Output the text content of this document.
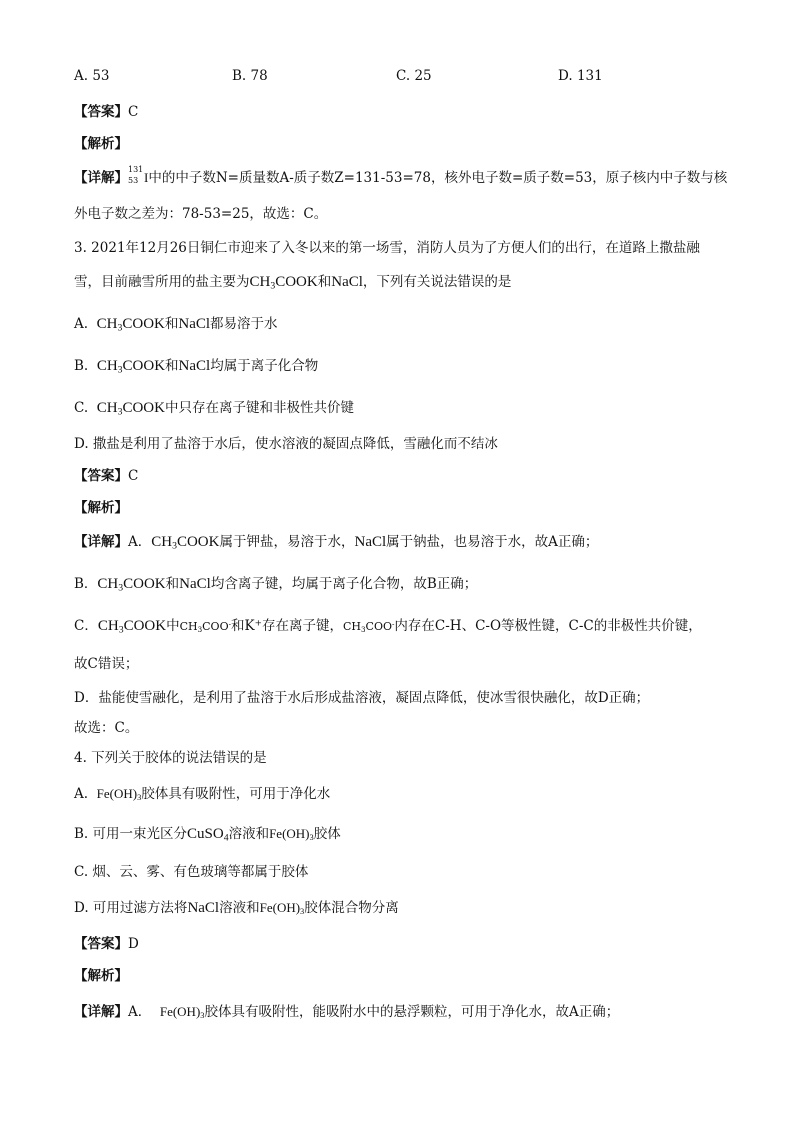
A. 53	B. 78	C. 25	D. 131
【答案】C
【解析】
【详解】
131
53 I中的中子数N=质量数A-质子数Z=131-53=78，核外电子数=质子数=53，原子核内中子数与核
外电子数之差为：78-53=25，故选：C。
3. 2021年12月26日铜仁市迎来了入冬以来的第一场雪，消防人员为了方便人们的出行，在道路上撒盐融
雪，目前融雪所用的盐主要为$CH_3COOK$和NaCl，下列有关说法错误的是
A. $CH_3COOK$和NaCl都易溶于水
B. $CH_3COOK$和NaCl均属于离子化合物
C. $CH_3COOK$中只存在离子键和非极性共价键
D. 撒盐是利用了盐溶于水后，使水溶液的凝固点降低，雪融化而不结冰
【答案】C
【解析】
【详解】A．$CH_3COOK$属于钾盐，易溶于水，NaCl属于钠盐，也易溶于水，故A正确；
B．$CH_3COOK$和NaCl均含离子键，均属于离子化合物，故B正确；
C．$CH_3COOK$中$CH_3COO^-$和K+存在离子键，$CH_3COO^-$内存在C-H、C-O等极性键，C-C的非极性共价键，
故C错误；
D．盐能使雪融化，是利用了盐溶于水后形成盐溶液，凝固点降低，使冰雪很快融化，故D正确；
故选：C。
4. 下列关于胶体的说法错误的是
A. $Fe(OH)_3$胶体具有吸附性，可用于净化水
B. 可用一束光区分CuSO$_4$溶液和$Fe(OH)_3$胶体
C. 烟、云、雾、有色玻璃等都属于胶体
D. 可用过滤方法将NaCl溶液和$Fe(OH)_3$胶体混合物分离
【答案】D
【解析】
【详解】A． $Fe(OH)_3$胶体具有吸附性，能吸附水中的悬浮颗粒，可用于净化水，故A正确；
